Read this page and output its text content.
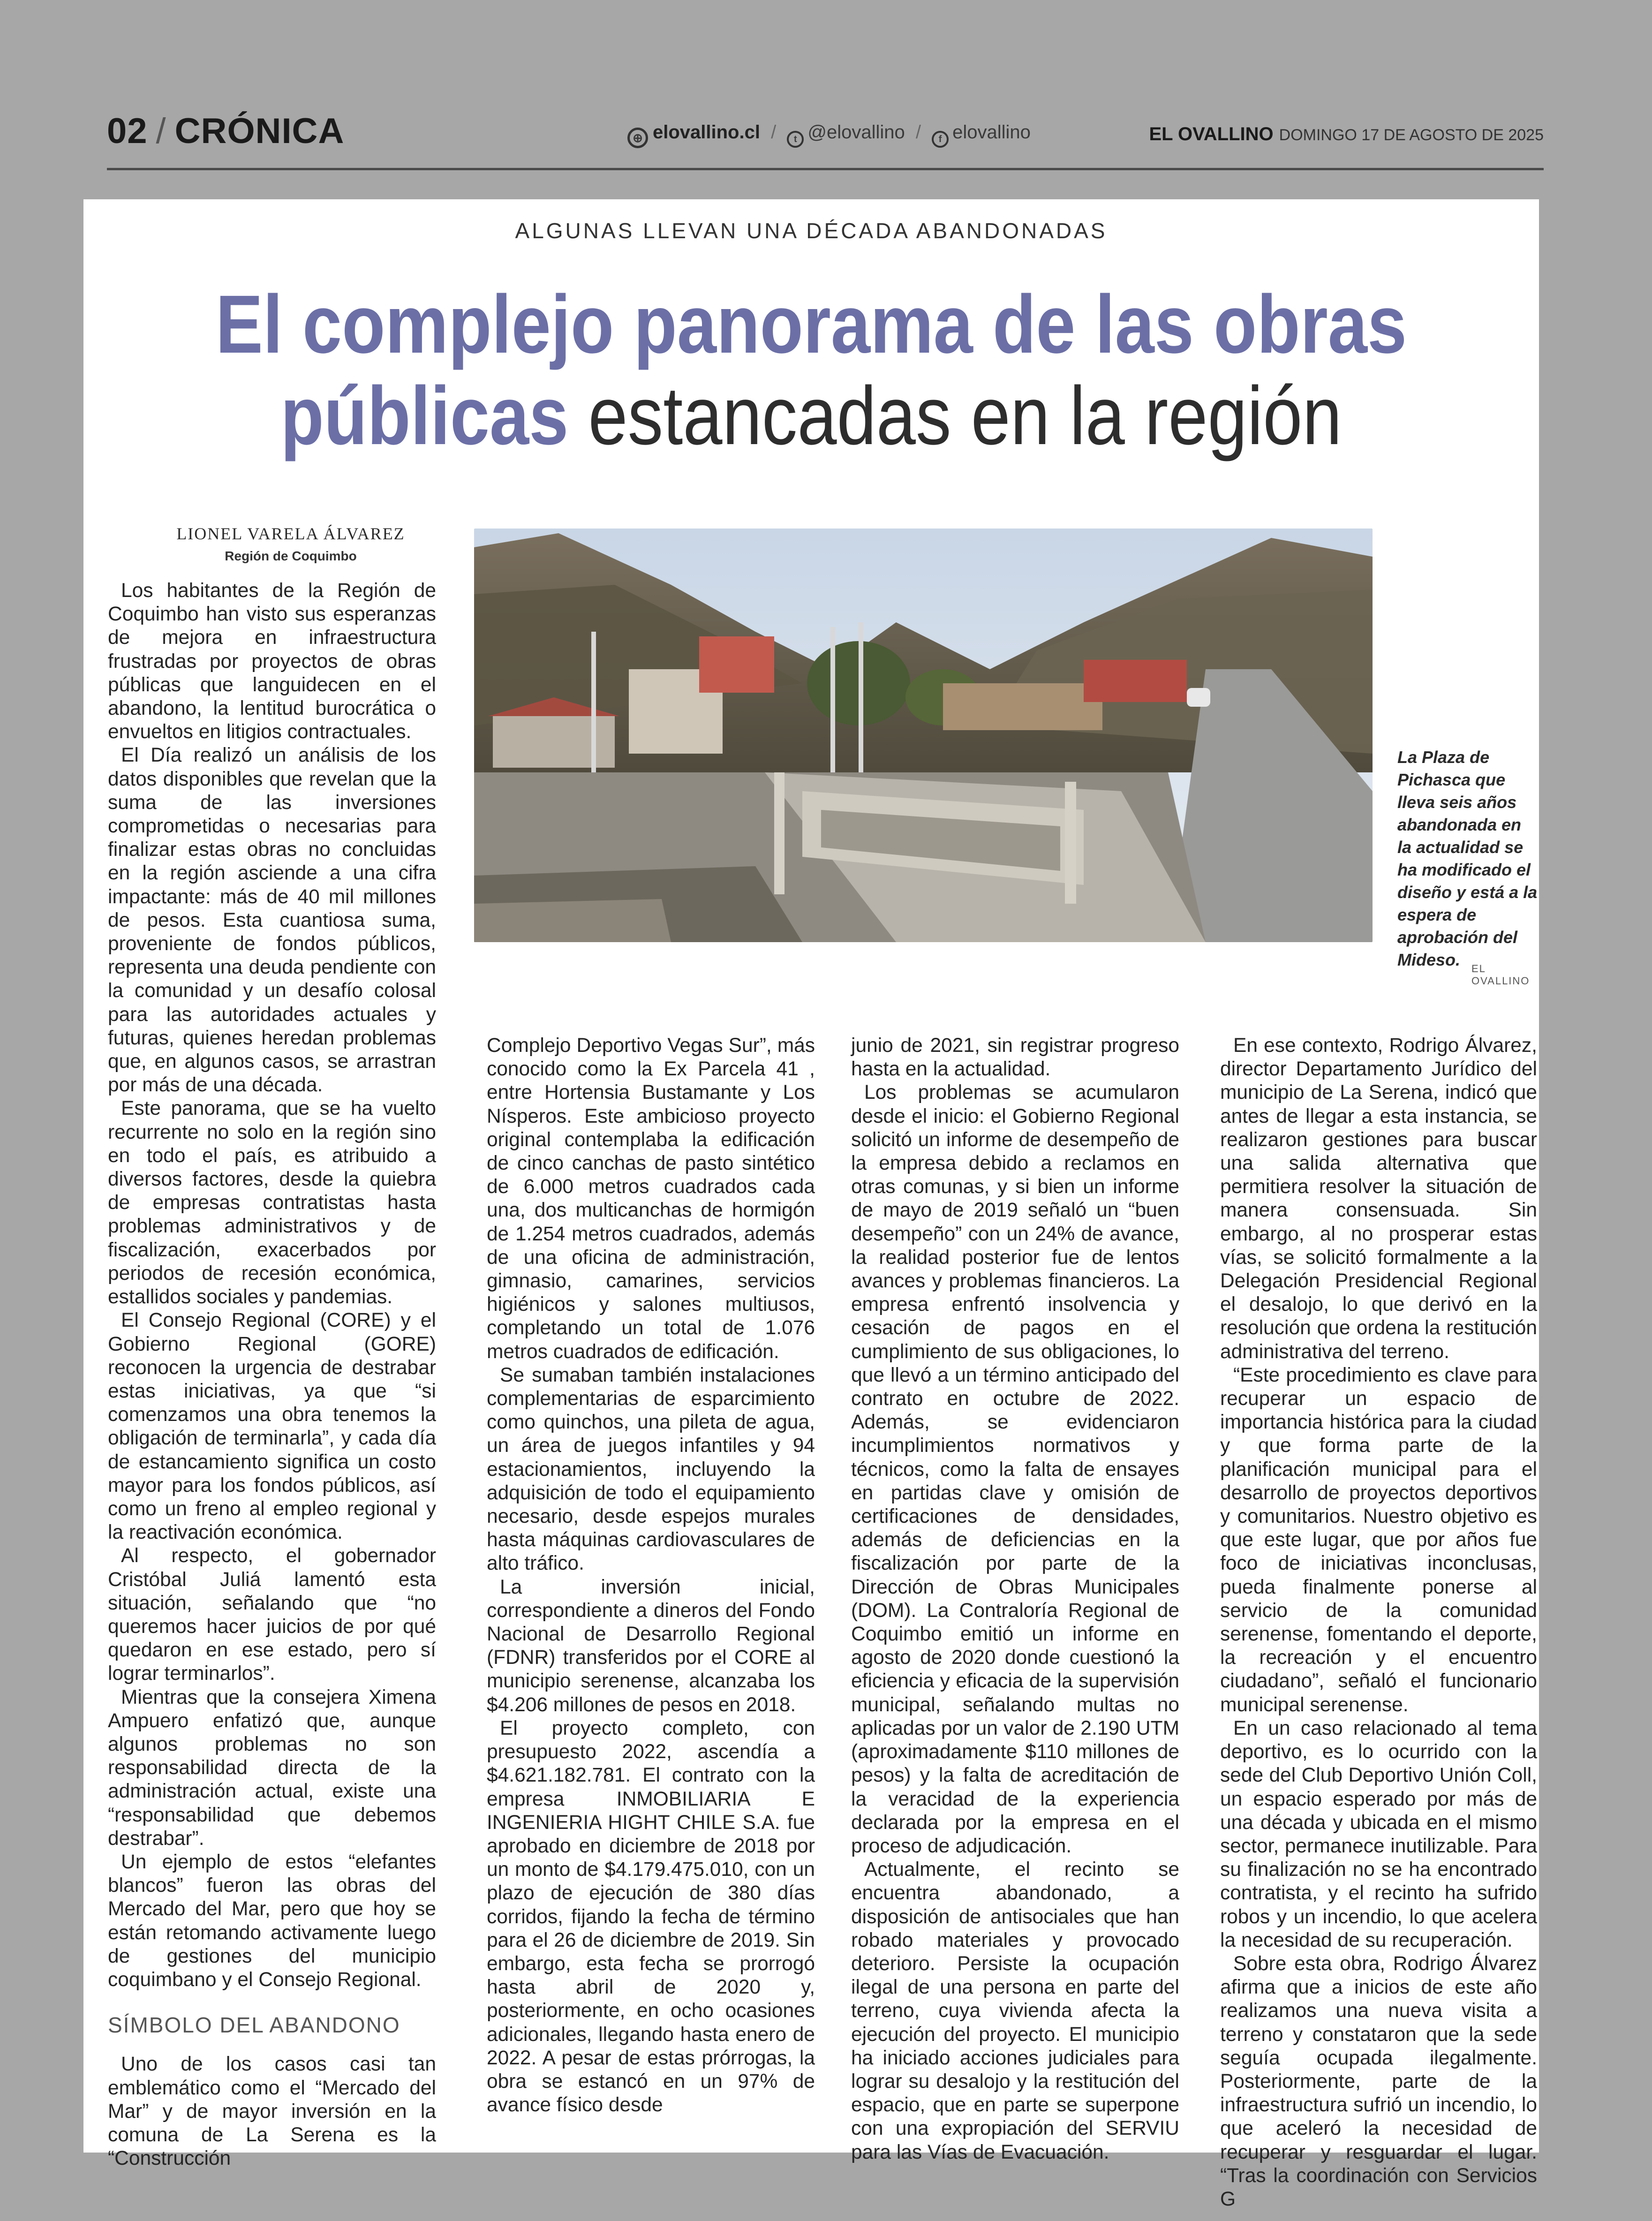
02 / CRÓNICA	⊕ elovallino.cl / t @elovallino / f elovallino	EL OVALLINO DOMINGO 17 DE AGOSTO DE 2025
ALGUNAS LLEVAN UNA DÉCADA ABANDONADAS
El complejo panorama de las obras
públicas estancadas en la región
LIONEL VARELA ÁLVAREZ
Región de Coquimbo
La Plaza de Pichasca que lleva seis años abandonada en la actualidad se ha modificado el diseño y está a la espera de aprobación del Mideso.	EL OVALLINO

Los habitantes de la Región de Coquimbo han visto sus esperanzas de mejora en infraestructura frustradas por proyectos de obras públicas que languidecen en el abandono, la lentitud burocrática o envueltos en litigios contractuales.

El Día realizó un análisis de los datos disponibles que revelan que la suma de las inversiones comprometidas o necesarias para finalizar estas obras no concluidas en la región asciende a una cifra impactante: más de 40 mil millones de pesos. Esta cuantiosa suma, proveniente de fondos públicos, representa una deuda pendiente con la comunidad y un desafío colosal para las autoridades actuales y futuras, quienes heredan problemas que, en algunos casos, se arrastran por más de una década.

Este panorama, que se ha vuelto recurrente no solo en la región sino en todo el país, es atribuido a diversos factores, desde la quiebra de empresas contratistas hasta problemas administrativos y de fiscalización, exacerbados por periodos de recesión económica, estallidos sociales y pandemias.

El Consejo Regional (CORE) y el Gobierno Regional (GORE) reconocen la urgencia de destrabar estas iniciativas, ya que “si comenzamos una obra tenemos la obligación de terminarla”, y cada día de estancamiento significa un costo mayor para los fondos públicos, así como un freno al empleo regional y la reactivación económica.

Al respecto, el gobernador Cristóbal Juliá lamentó esta situación, señalando que “no queremos hacer juicios de por qué quedaron en ese estado, pero sí lograr terminarlos”.

Mientras que la consejera Ximena Ampuero enfatizó que, aunque algunos problemas no son responsabilidad directa de la administración actual, existe una “responsabilidad que debemos destrabar”.

Un ejemplo de estos “elefantes blancos” fueron las obras del Mercado del Mar, pero que hoy se están retomando activamente luego de gestiones del municipio coquimbano y el Consejo Regional.

SÍMBOLO DEL ABANDONO

Uno de los casos casi tan emblemático como el “Mercado del Mar” y de mayor inversión en la comuna de La Serena es la “Construcción

Complejo Deportivo Vegas Sur”, más conocido como la Ex Parcela 41 , entre Hortensia Bustamante y Los Nísperos. Este ambicioso proyecto original contemplaba la edificación de cinco canchas de pasto sintético de 6.000 metros cuadrados cada una, dos multicanchas de hormigón de 1.254 metros cuadrados, además de una oficina de administración, gimnasio, camarines, servicios higiénicos y salones multiusos, completando un total de 1.076 metros cuadrados de edificación.

Se sumaban también instalaciones complementarias de esparcimiento como quinchos, una pileta de agua, un área de juegos infantiles y 94 estacionamientos, incluyendo la adquisición de todo el equipamiento necesario, desde espejos murales hasta máquinas cardiovasculares de alto tráfico.

La inversión inicial, correspondiente a dineros del Fondo Nacional de Desarrollo Regional (FDNR) transferidos por el CORE al municipio serenense, alcanzaba los $4.206 millones de pesos en 2018.

El proyecto completo, con presupuesto 2022, ascendía a $4.621.182.781. El contrato con la empresa INMOBILIARIA E INGENIERIA HIGHT CHILE S.A. fue aprobado en diciembre de 2018 por un monto de $4.179.475.010, con un plazo de ejecución de 380 días corridos, fijando la fecha de término para el 26 de diciembre de 2019. Sin embargo, esta fecha se prorrogó hasta abril de 2020 y, posteriormente, en ocho ocasiones adicionales, llegando hasta enero de 2022. A pesar de estas prórrogas, la obra se estancó en un 97% de avance físico desde

junio de 2021, sin registrar progreso hasta en la actualidad.

Los problemas se acumularon desde el inicio: el Gobierno Regional solicitó un informe de desempeño de la empresa debido a reclamos en otras comunas, y si bien un informe de mayo de 2019 señaló un “buen desempeño” con un 24% de avance, la realidad posterior fue de lentos avances y problemas financieros. La empresa enfrentó insolvencia y cesación de pagos en el cumplimiento de sus obligaciones, lo que llevó a un término anticipado del contrato en octubre de 2022. Además, se evidenciaron incumplimientos normativos y técnicos, como la falta de ensayes en partidas clave y omisión de certificaciones de densidades, además de deficiencias en la fiscalización por parte de la Dirección de Obras Municipales (DOM). La Contraloría Regional de Coquimbo emitió un informe en agosto de 2020 donde cuestionó la eficiencia y eficacia de la supervisión municipal, señalando multas no aplicadas por un valor de 2.190 UTM (aproximadamente $110 millones de pesos) y la falta de acreditación de la veracidad de la experiencia declarada por la empresa en el proceso de adjudicación.

Actualmente, el recinto se encuentra abandonado, a disposición de antisociales que han robado materiales y provocado deterioro. Persiste la ocupación ilegal de una persona en parte del terreno, cuya vivienda afecta la ejecución del proyecto. El municipio ha iniciado acciones judiciales para lograr su desalojo y la restitución del espacio, que en parte se superpone con una expropiación del SERVIU para las Vías de Evacuación.

En ese contexto, Rodrigo Álvarez, director Departamento Jurídico del municipio de La Serena, indicó que antes de llegar a esta instancia, se realizaron gestiones para buscar una salida alternativa que permitiera resolver la situación de manera consensuada. Sin embargo, al no prosperar estas vías, se solicitó formalmente a la Delegación Presidencial Regional el desalojo, lo que derivó en la resolución que ordena la restitución administrativa del terreno.

“Este procedimiento es clave para recuperar un espacio de importancia histórica para la ciudad y que forma parte de la planificación municipal para el desarrollo de proyectos deportivos y comunitarios. Nuestro objetivo es que este lugar, que por años fue foco de iniciativas inconclusas, pueda finalmente ponerse al servicio de la comunidad serenense, fomentando el deporte, la recreación y el encuentro ciudadano”, señaló el funcionario municipal serenense.

En un caso relacionado al tema deportivo, es lo ocurrido con la sede del Club Deportivo Unión Coll, un espacio esperado por más de una década y ubicada en el mismo sector, permanece inutilizable. Para su finalización no se ha encontrado contratista, y el recinto ha sufrido robos y un incendio, lo que acelera la necesidad de su recuperación.

Sobre esta obra, Rodrigo Álvarez afirma que a inicios de este año realizamos una nueva visita a terreno y constataron que la sede seguía ocupada ilegalmente. Posteriormente, parte de la infraestructura sufrió un incendio, lo que aceleró la necesidad de recuperar y resguardar el lugar. “Tras la coordinación con Servicios G
